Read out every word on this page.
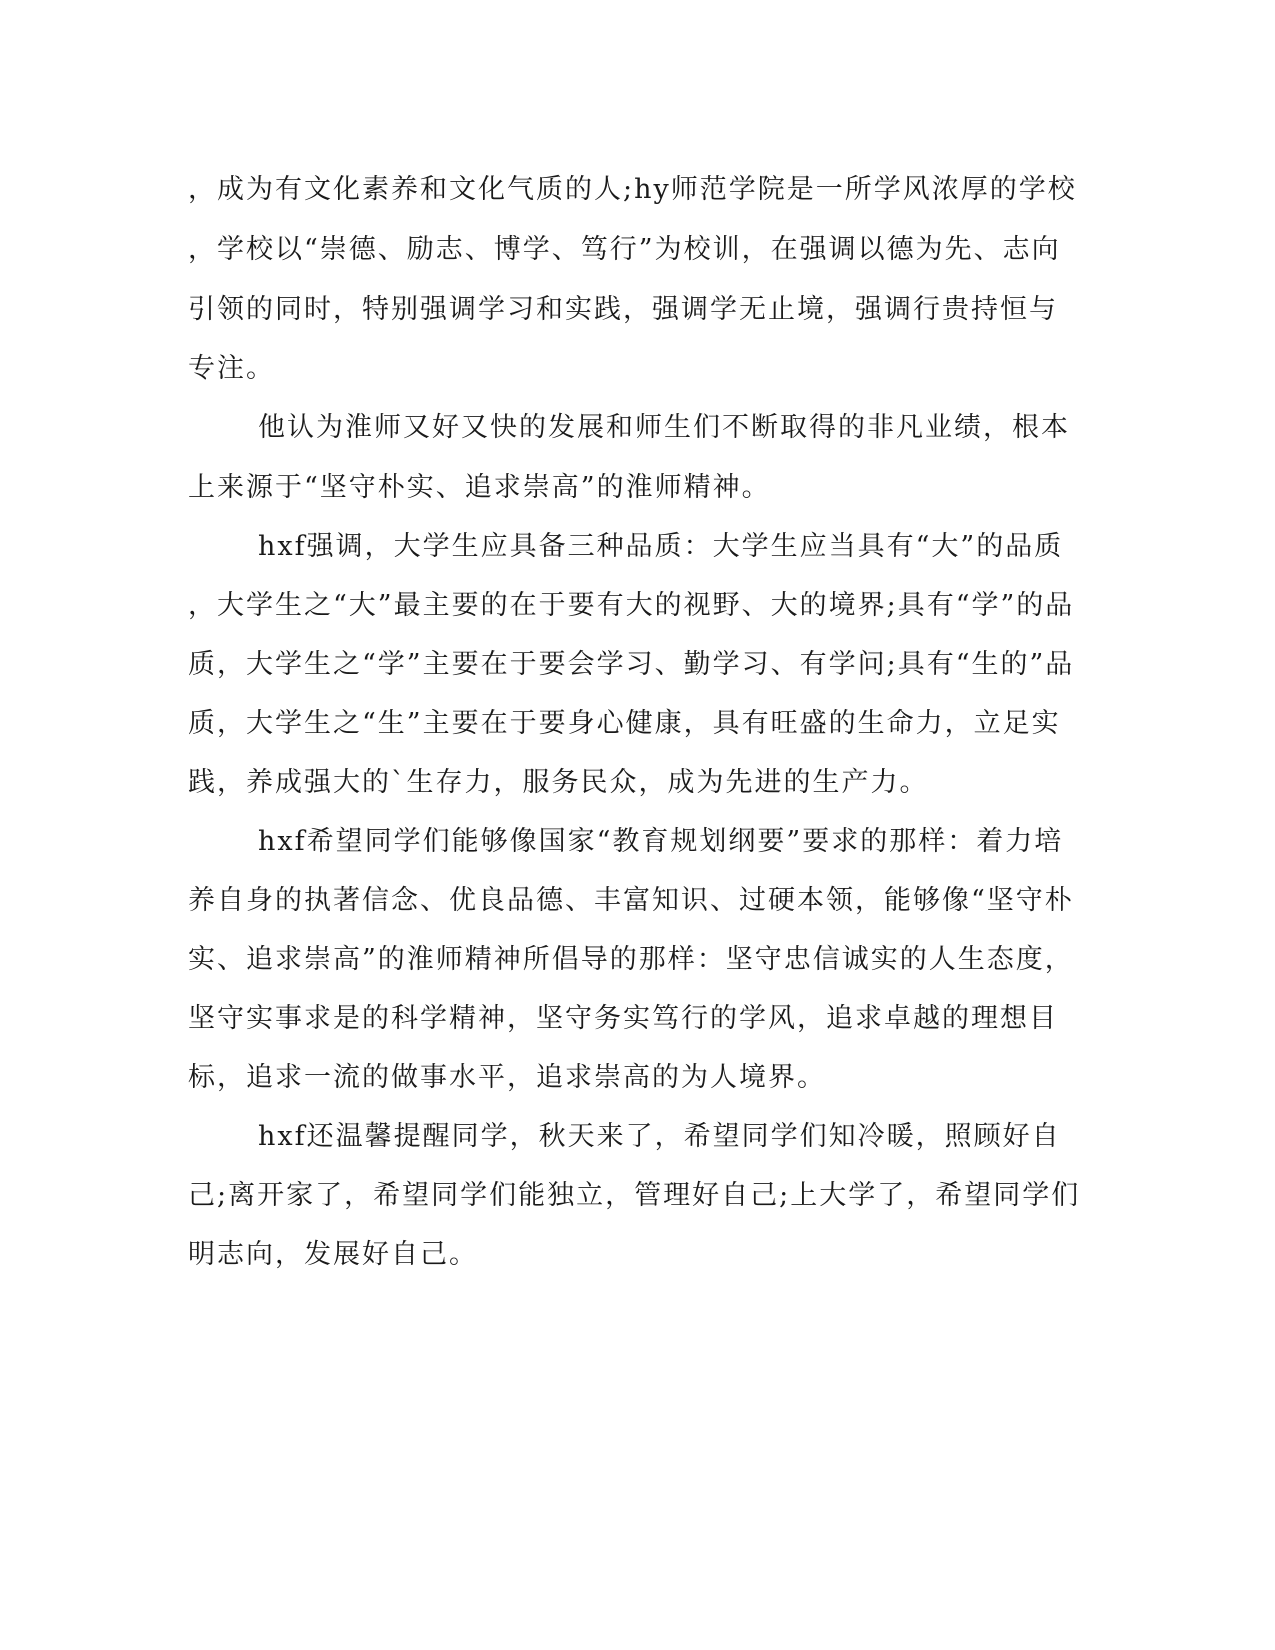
，成为有文化素养和文化气质的人;hy师范学院是一所学风浓厚的学校
，学校以“崇德、励志、博学、笃行”为校训，在强调以德为先、志向
引领的同时，特别强调学习和实践，强调学无止境，强调行贵持恒与
专注。
他认为淮师又好又快的发展和师生们不断取得的非凡业绩，根本
上来源于“坚守朴实、追求崇高”的淮师精神。
hxf强调，大学生应具备三种品质：大学生应当具有“大”的品质
，大学生之“大”最主要的在于要有大的视野、大的境界;具有“学”的品
质，大学生之“学”主要在于要会学习、勤学习、有学问;具有“生的”品
质，大学生之“生”主要在于要身心健康，具有旺盛的生命力，立足实
践，养成强大的`生存力，服务民众，成为先进的生产力。
hxf希望同学们能够像国家“教育规划纲要”要求的那样：着力培
养自身的执著信念、优良品德、丰富知识、过硬本领，能够像“坚守朴
实、追求崇高”的淮师精神所倡导的那样：坚守忠信诚实的人生态度，
坚守实事求是的科学精神，坚守务实笃行的学风，追求卓越的理想目
标，追求一流的做事水平，追求崇高的为人境界。
hxf还温馨提醒同学，秋天来了，希望同学们知冷暖，照顾好自
己;离开家了，希望同学们能独立，管理好自己;上大学了，希望同学们
明志向，发展好自己。
